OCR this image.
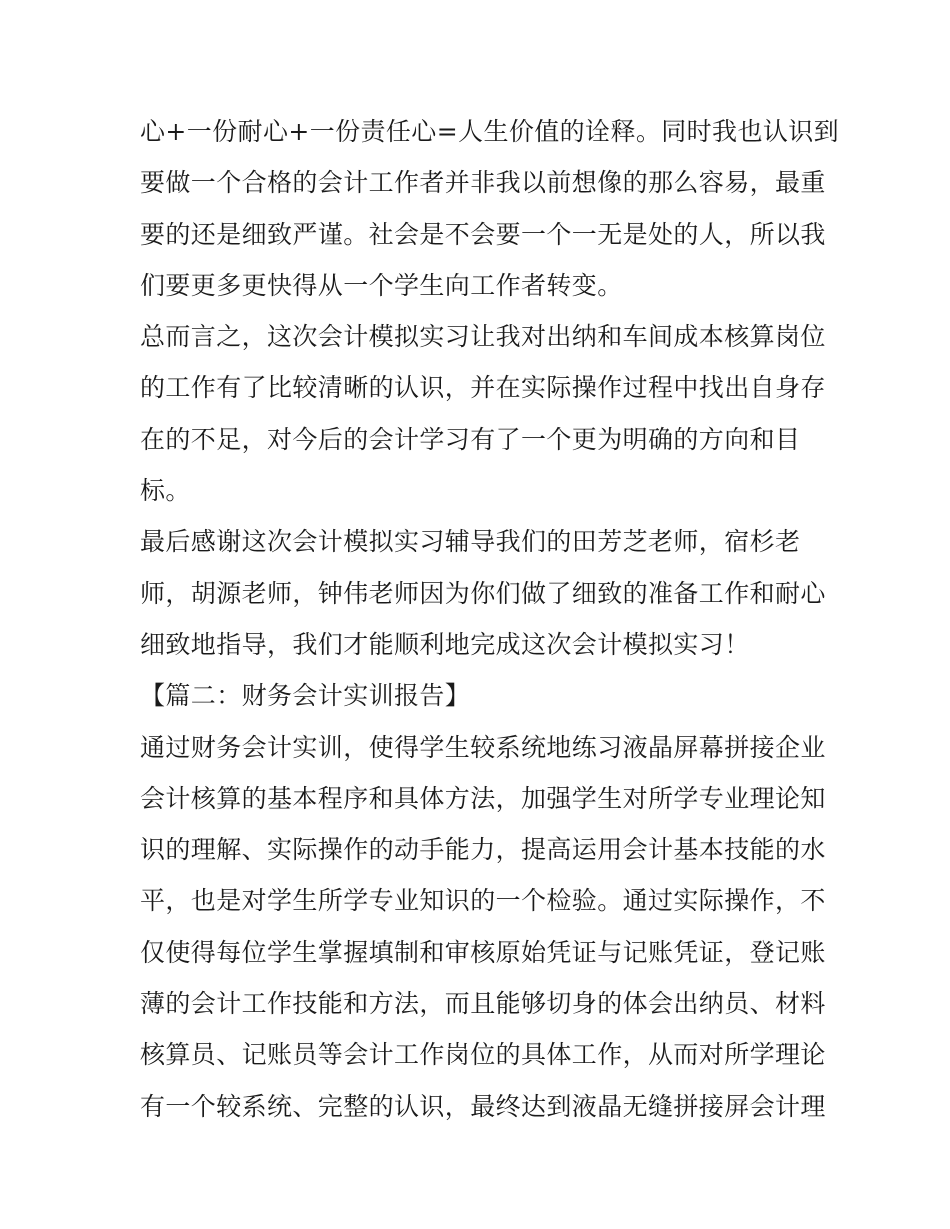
心+一份耐心+一份责任心=人生价值的诠释。同时我也认识到
要做一个合格的会计工作者并非我以前想像的那么容易，最重
要的还是细致严谨。社会是不会要一个一无是处的人，所以我
们要更多更快得从一个学生向工作者转变。
总而言之，这次会计模拟实习让我对出纳和车间成本核算岗位
的工作有了比较清晰的认识，并在实际操作过程中找出自身存
在的不足，对今后的会计学习有了一个更为明确的方向和目
标。
最后感谢这次会计模拟实习辅导我们的田芳芝老师，宿杉老
师，胡源老师，钟伟老师因为你们做了细致的准备工作和耐心
细致地指导，我们才能顺利地完成这次会计模拟实习！
【篇二：财务会计实训报告】
通过财务会计实训，使得学生较系统地练习液晶屏幕拼接企业
会计核算的基本程序和具体方法，加强学生对所学专业理论知
识的理解、实际操作的动手能力，提高运用会计基本技能的水
平，也是对学生所学专业知识的一个检验。通过实际操作，不
仅使得每位学生掌握填制和审核原始凭证与记账凭证，登记账
薄的会计工作技能和方法，而且能够切身的体会出纳员、材料
核算员、记账员等会计工作岗位的具体工作，从而对所学理论
有一个较系统、完整的认识，最终达到液晶无缝拼接屏会计理
